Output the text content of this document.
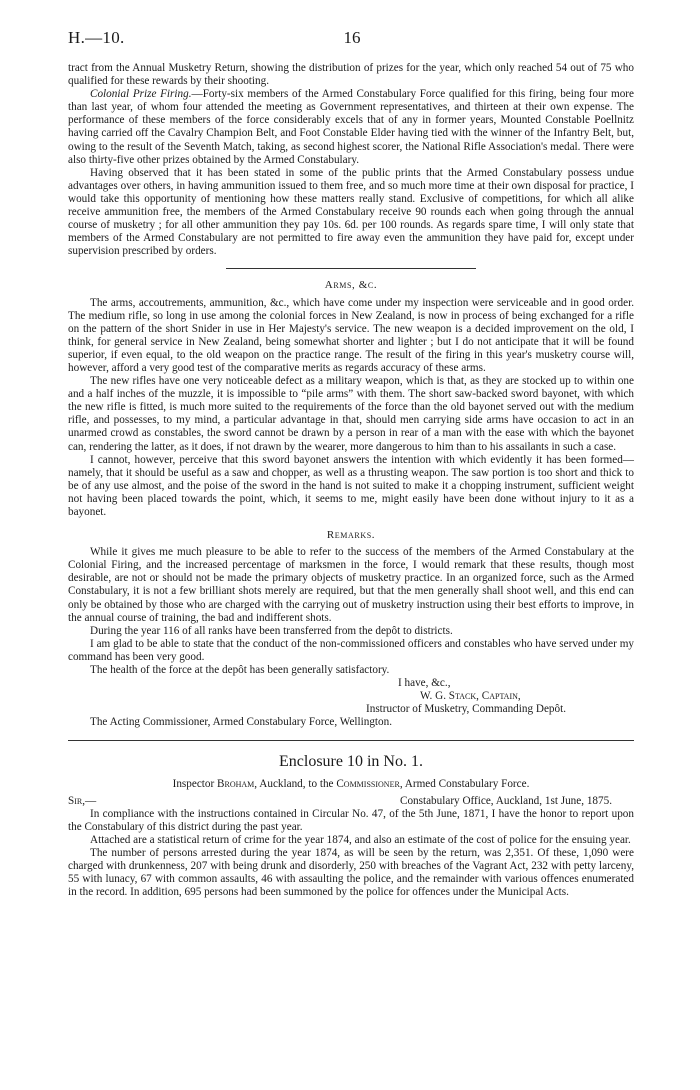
H.—10.	16

tract from the Annual Musketry Return, showing the distribution of prizes for the year, which only reached 54 out of 75 who qualified for these rewards by their shooting.

Colonial Prize Firing.—Forty-six members of the Armed Constabulary Force qualified for this firing, being four more than last year, of whom four attended the meeting as Government representatives, and thirteen at their own expense. The performance of these members of the force considerably excels that of any in former years, Mounted Constable Poellnitz having carried off the Cavalry Champion Belt, and Foot Constable Elder having tied with the winner of the Infantry Belt, but, owing to the result of the Seventh Match, taking, as second highest scorer, the National Rifle Association's medal. There were also thirty-five other prizes obtained by the Armed Constabulary.

Having observed that it has been stated in some of the public prints that the Armed Constabulary possess undue advantages over others, in having ammunition issued to them free, and so much more time at their own disposal for practice, I would take this opportunity of mentioning how these matters really stand. Exclusive of competitions, for which all alike receive ammunition free, the members of the Armed Constabulary receive 90 rounds each when going through the annual course of musketry ; for all other ammunition they pay 10s. 6d. per 100 rounds. As regards spare time, I will only state that members of the Armed Constabulary are not permitted to fire away even the ammunition they have paid for, except under supervision prescribed by orders.

Arms, &c.

The arms, accoutrements, ammunition, &c., which have come under my inspection were serviceable and in good order. The medium rifle, so long in use among the colonial forces in New Zealand, is now in process of being exchanged for a rifle on the pattern of the short Snider in use in Her Majesty's service. The new weapon is a decided improvement on the old, I think, for general service in New Zealand, being somewhat shorter and lighter ; but I do not anticipate that it will be found superior, if even equal, to the old weapon on the practice range. The result of the firing in this year's musketry course will, however, afford a very good test of the comparative merits as regards accuracy of these arms.

The new rifles have one very noticeable defect as a military weapon, which is that, as they are stocked up to within one and a half inches of the muzzle, it is impossible to “pile arms” with them. The short saw-backed sword bayonet, with which the new rifle is fitted, is much more suited to the requirements of the force than the old bayonet served out with the medium rifle, and possesses, to my mind, a particular advantage in that, should men carrying side arms have occasion to act in an unarmed crowd as constables, the sword cannot be drawn by a person in rear of a man with the ease with which the bayonet can, rendering the latter, as it does, if not drawn by the wearer, more dangerous to him than to his assailants in such a case.

I cannot, however, perceive that this sword bayonet answers the intention with which evidently it has been formed—namely, that it should be useful as a saw and chopper, as well as a thrusting weapon. The saw portion is too short and thick to be of any use almost, and the poise of the sword in the hand is not suited to make it a chopping instrument, sufficient weight not having been placed towards the point, which, it seems to me, might easily have been done without injury to it as a bayonet.

Remarks.

While it gives me much pleasure to be able to refer to the success of the members of the Armed Constabulary at the Colonial Firing, and the increased percentage of marksmen in the force, I would remark that these results, though most desirable, are not or should not be made the primary objects of musketry practice. In an organized force, such as the Armed Constabulary, it is not a few brilliant shots merely are required, but that the men generally shall shoot well, and this end can only be obtained by those who are charged with the carrying out of musketry instruction using their best efforts to improve, in the annual course of training, the bad and indifferent shots.

During the year 116 of all ranks have been transferred from the depôt to districts.

I am glad to be able to state that the conduct of the non-commissioned officers and constables who have served under my command has been very good.

The health of the force at the depôt has been generally satisfactory.

I have, &c.,
W. G. Stack, Captain,
Instructor of Musketry, Commanding Depôt.

The Acting Commissioner, Armed Constabulary Force, Wellington.

Enclosure 10 in No. 1.
Inspector Broham, Auckland, to the Commissioner, Armed Constabulary Force.
Sir,—	Constabulary Office, Auckland, 1st June, 1875.

In compliance with the instructions contained in Circular No. 47, of the 5th June, 1871, I have the honor to report upon the Constabulary of this district during the past year.

Attached are a statistical return of crime for the year 1874, and also an estimate of the cost of police for the ensuing year.

The number of persons arrested during the year 1874, as will be seen by the return, was 2,351. Of these, 1,090 were charged with drunkenness, 207 with being drunk and disorderly, 250 with breaches of the Vagrant Act, 232 with petty larceny, 55 with lunacy, 67 with common assaults, 46 with assaulting the police, and the remainder with various offences enumerated in the record. In addition, 695 persons had been summoned by the police for offences under the Municipal Acts.
